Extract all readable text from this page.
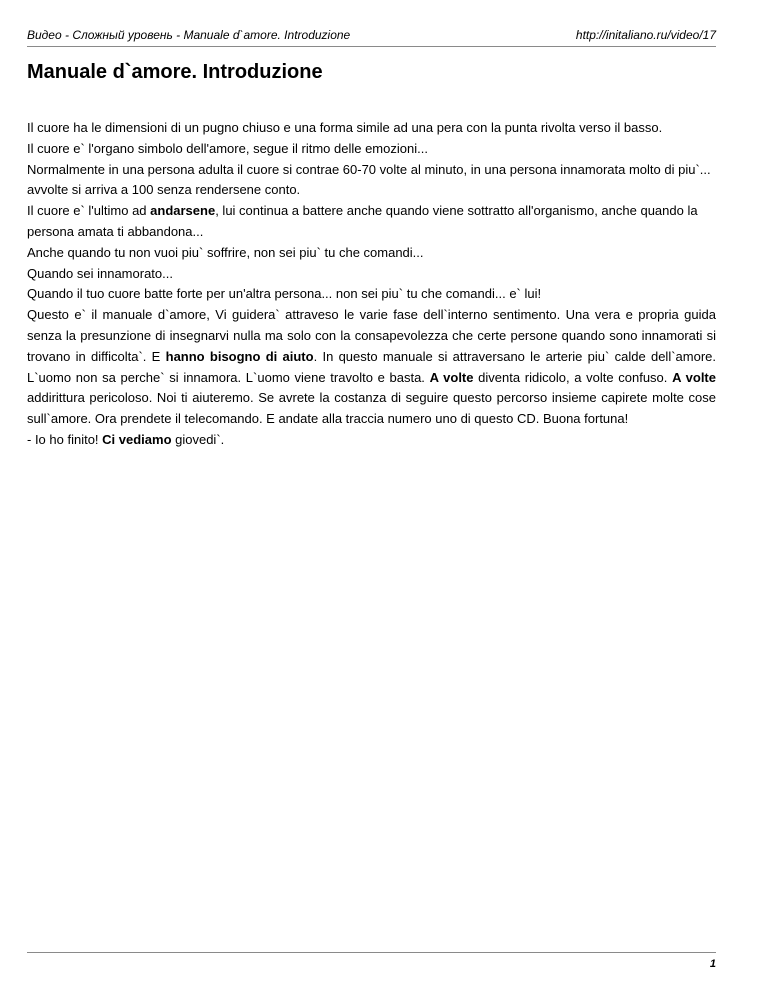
Видео - Сложный уровень - Manuale d`amore. Introduzione	http://initaliano.ru/video/17
Manuale d`amore. Introduzione

Il cuore ha le dimensioni di un pugno chiuso e una forma simile ad una pera con la punta rivolta verso il basso.

Il cuore e` l'organo simbolo dell'amore, segue il ritmo delle emozioni...

Normalmente in una persona adulta il cuore si contrae 60-70 volte al minuto, in una persona innamorata molto di piu`... avvolte si arriva a 100 senza rendersene conto.

Il cuore e` l'ultimo ad andarsene, lui continua a battere anche quando viene sottratto all'organismo, anche quando la persona amata ti abbandona...

Anche quando tu non vuoi piu` soffrire, non sei piu` tu che comandi...

Quando sei innamorato...

Quando il tuo cuore batte forte per un'altra persona... non sei piu` tu che comandi... e` lui!

Questo e` il manuale d`amore, Vi guidera` attraveso le varie fase dell`interno sentimento. Una vera e propria guida senza la presunzione di insegnarvi nulla ma solo con la consapevolezza che certe persone quando sono innamorati si trovano in difficolta`. E hanno bisogno di aiuto. In questo manuale si attraversano le arterie piu` calde dell`amore. L`uomo non sa perche` si innamora. L`uomo viene travolto e basta. A volte diventa ridicolo, a volte confuso. A volte addirittura pericoloso. Noi ti aiuteremo. Se avrete la costanza di seguire questo percorso insieme capirete molte cose sull`amore. Ora prendete il telecomando. E andate alla traccia numero uno di questo CD. Buona fortuna!

- Io ho finito! Ci vediamo giovedi`.

1
